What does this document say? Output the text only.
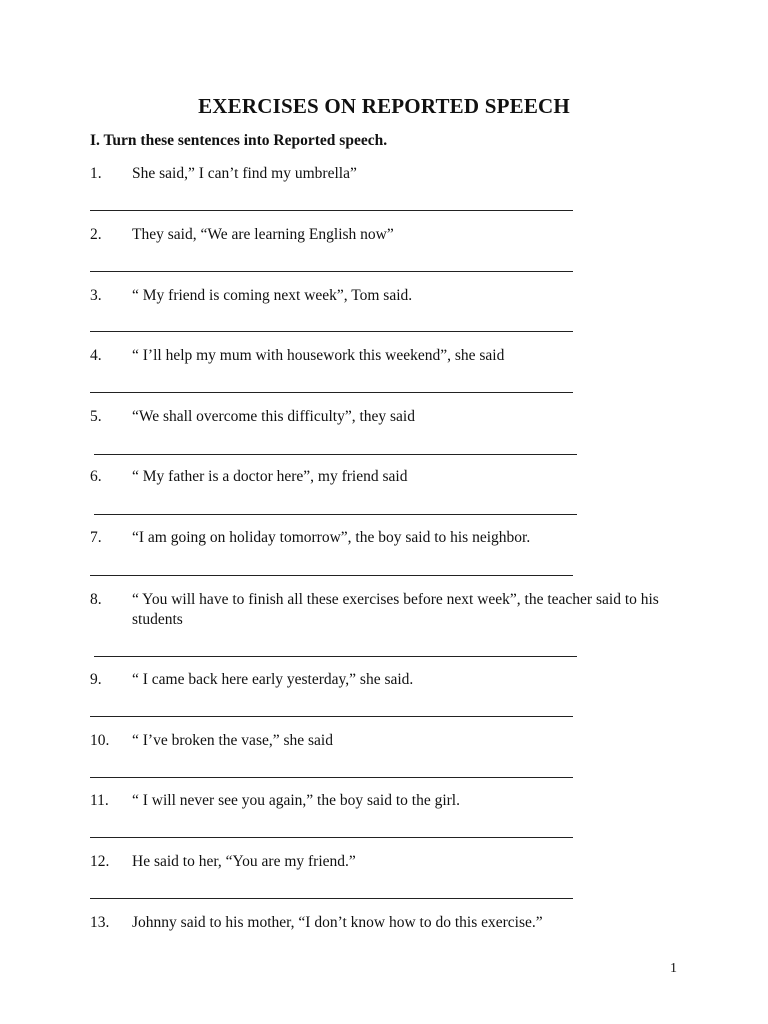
EXERCISES ON REPORTED SPEECH
I. Turn these sentences into Reported speech.
1. She said,” I can’t find my umbrella”
2. They said, “We are learning English now”
3. “ My friend is coming next week”, Tom said.
4. “ I’ll help my mum with housework this weekend”, she said
5. “We shall overcome this difficulty”, they said
6. “ My father is a doctor here”, my friend said
7. “I am going on holiday tomorrow”, the boy said to his neighbor.
8. “ You will have to finish all these exercises before next week”, the teacher said to his students
9. “ I came back here early yesterday,” she said.
10. “ I’ve broken the vase,” she said
11. “ I will never see you again,” the boy said to the girl.
12. He said to her, “You are my friend.”
13. Johnny said to his mother, “I don’t know how to do this exercise.”
1
